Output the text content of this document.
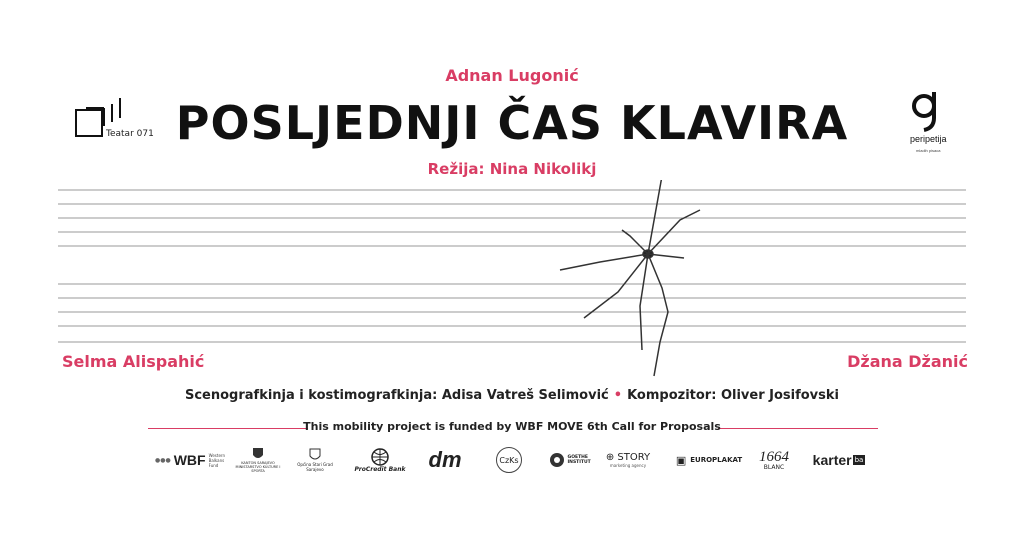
Teatar 071	peripetija
mladih pisaca
Adnan Lugonić
POSLJEDNJI ČAS KLAVIRA
Režija: Nina Nikolikj
Selma Alispahić	Džana Džanić
Scenografkinja i kostimografkinja: Adisa Vatreš Selimović • Kompozitor: Oliver Josifovski
This mobility project is funded by WBF MOVE 6th Call for Proposals
●●● WBF Western Balkans Fund	KANTON SARAJEVO MINISTARSTVO KULTURE I SPORTA
Općina Stari Grad Sarajevo	ProCredit Bank dm	CzKs	GOETHE INSTITUT ⊕ STORY
marketing agency	▣ EUROPLAKAT 1664
BLANC karter ba
